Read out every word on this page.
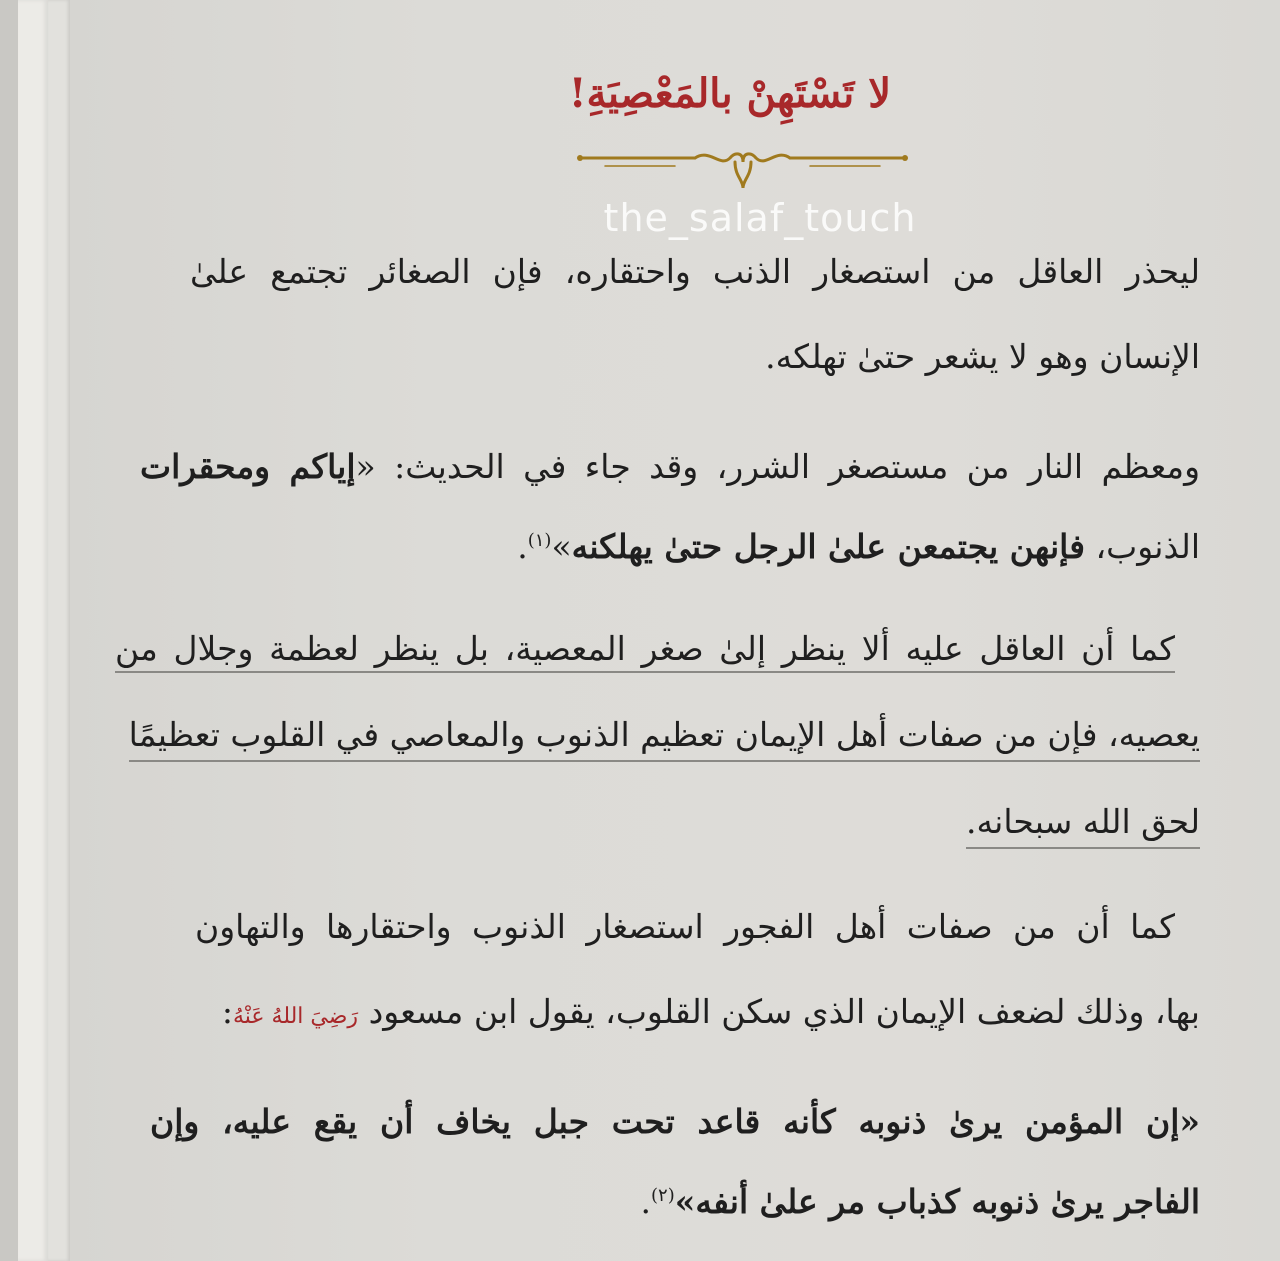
لا تَسْتَهِنْ بالمَعْصِيَةِ!
the_salaf_touch
ليحذر العاقل من استصغار الذنب واحتقاره، فإن الصغائر تجتمع علىٰ
الإنسان وهو لا يشعر حتىٰ تهلكه.
ومعظم النار من مستصغر الشرر، وقد جاء في الحديث: «إياكم ومحقرات
الذنوب، فإنهن يجتمعن علىٰ الرجل حتىٰ يهلكنه»$^{(١)}$.
كما أن العاقل عليه ألا ينظر إلىٰ صغر المعصية، بل ينظر لعظمة وجلال من
يعصيه، فإن من صفات أهل الإيمان تعظيم الذنوب والمعاصي في القلوب تعظيمًا
لحق الله سبحانه.
كما أن من صفات أهل الفجور استصغار الذنوب واحتقارها والتهاون
بها، وذلك لضعف الإيمان الذي سكن القلوب، يقول ابن مسعود رَضِيَ اللهُ عَنْهُ:
«إن المؤمن يرىٰ ذنوبه كأنه قاعد تحت جبل يخاف أن يقع عليه، وإن
الفاجر يرىٰ ذنوبه كذباب مر علىٰ أنفه»$^{(٢)}$.
